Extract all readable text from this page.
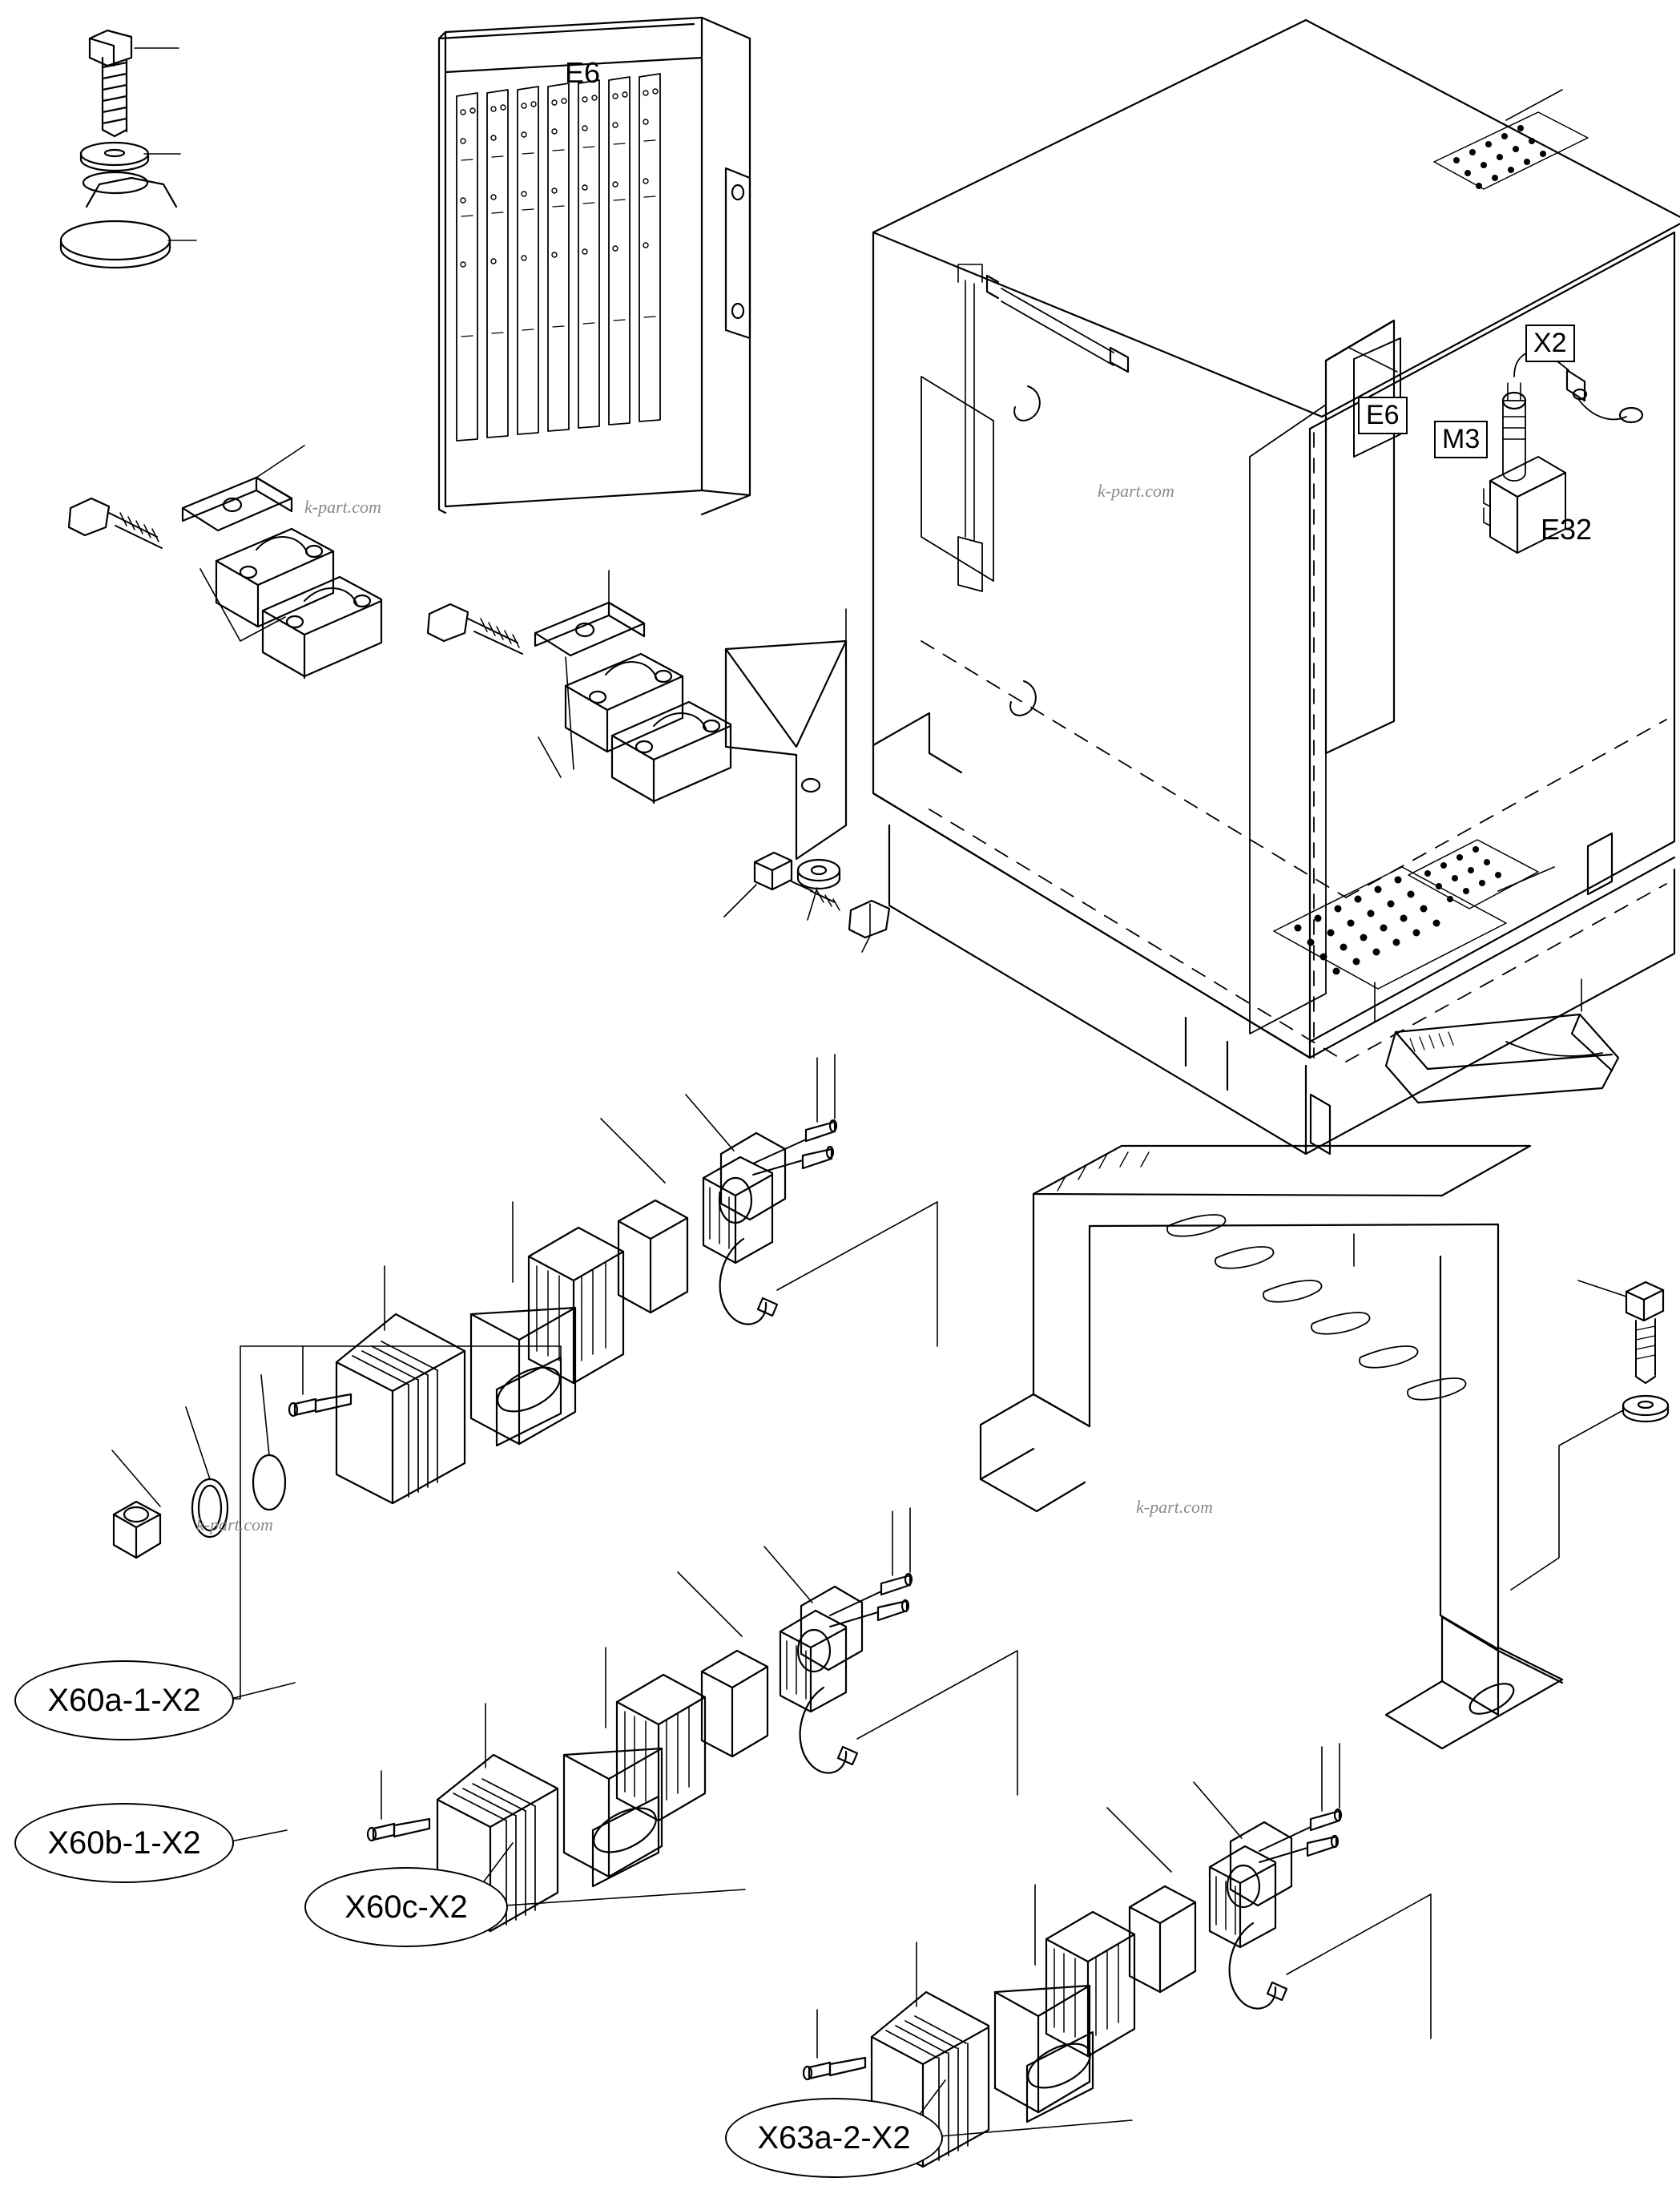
E6
E32
E6
M3
X2
k-part.com
k-part.com
k-part.com
k-part.com
X60a-1-X2
X60b-1-X2
X60c-X2
X63a-2-X2
